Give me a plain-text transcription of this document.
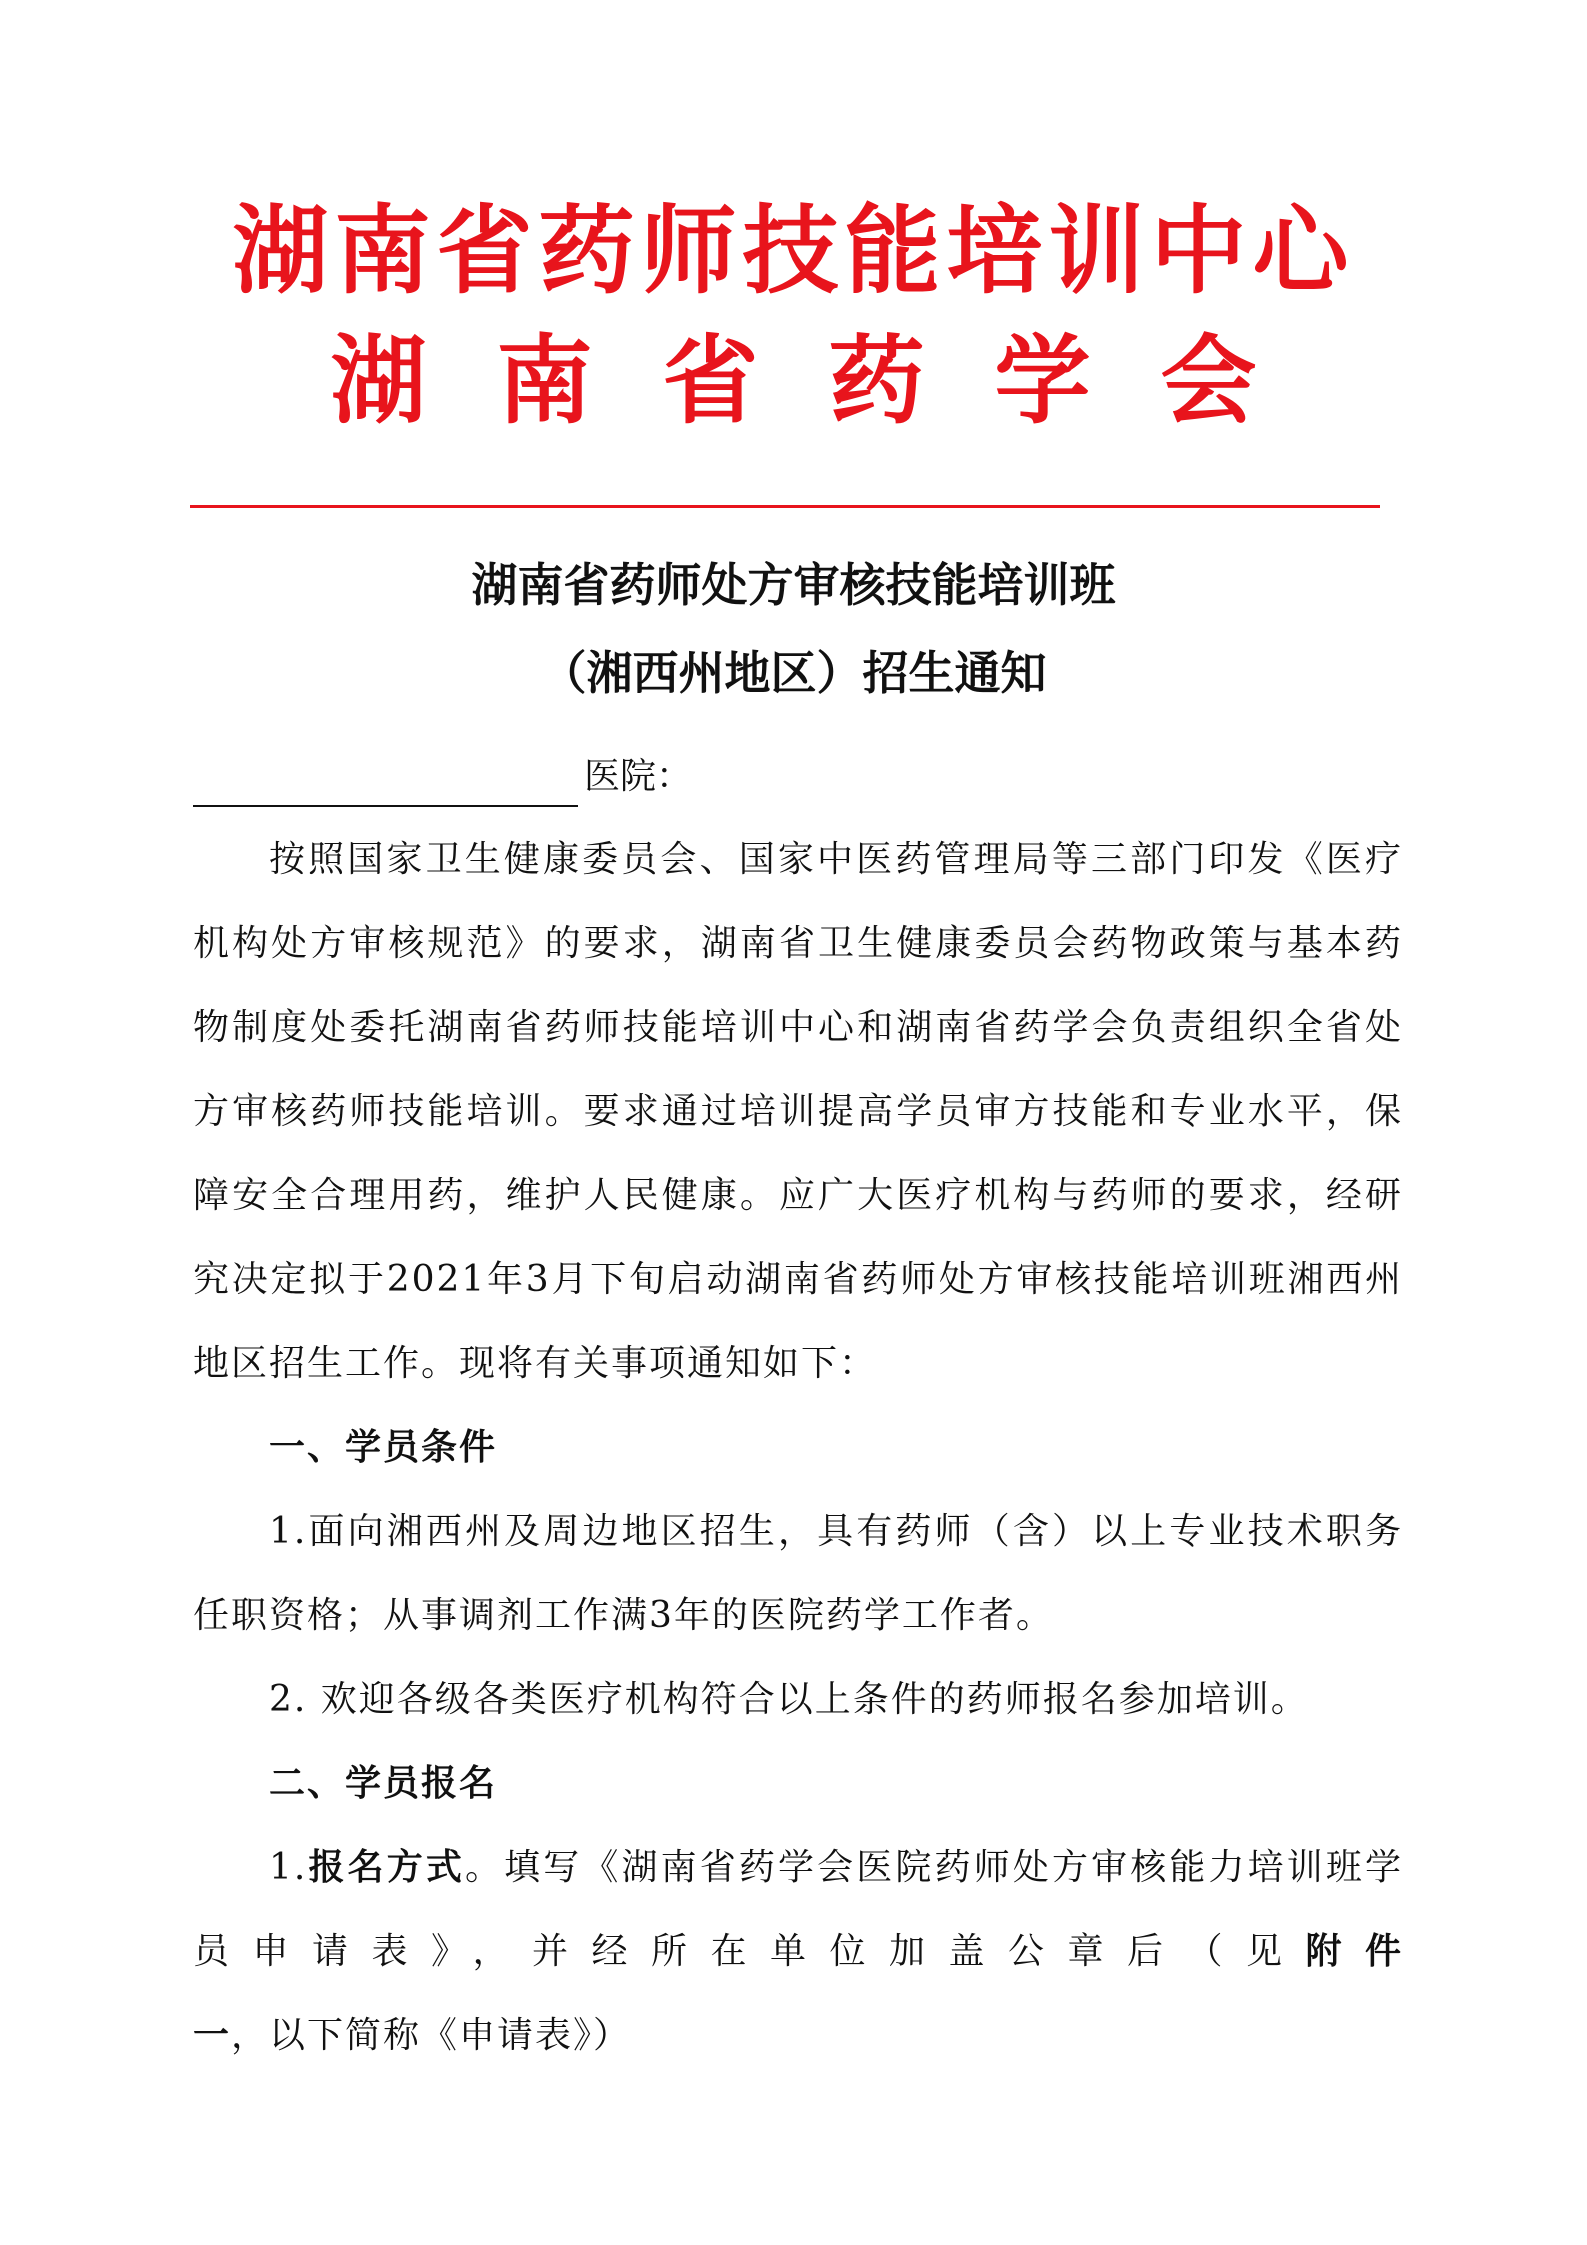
湖南省药师技能培训中心
湖南省药学会
湖南省药师处方审核技能培训班
（湘西州地区）招生通知
医院：
按照国家卫生健康委员会、国家中医药管理局等三部门印发《医疗机构处方审核规范》的要求，湖南省卫生健康委员会药物政策与基本药物制度处委托湖南省药师技能培训中心和湖南省药学会负责组织全省处方审核药师技能培训。要求通过培训提高学员审方技能和专业水平，保障安全合理用药，维护人民健康。应广大医疗机构与药师的要求，经研究决定拟于2021年3月下旬启动湖南省药师处方审核技能培训班湘西州地区招生工作。现将有关事项通知如下：
一、学员条件
1.面向湘西州及周边地区招生，具有药师（含）以上专业技术职务任职资格；从事调剂工作满3年的医院药学工作者。
2. 欢迎各级各类医疗机构符合以上条件的药师报名参加培训。
二、学员报名
1.报名方式。填写《湖南省药学会医院药师处方审核能力培训班学员申请表》，并经所在单位加盖公章后（见附件一，以下简称《申请表》）
